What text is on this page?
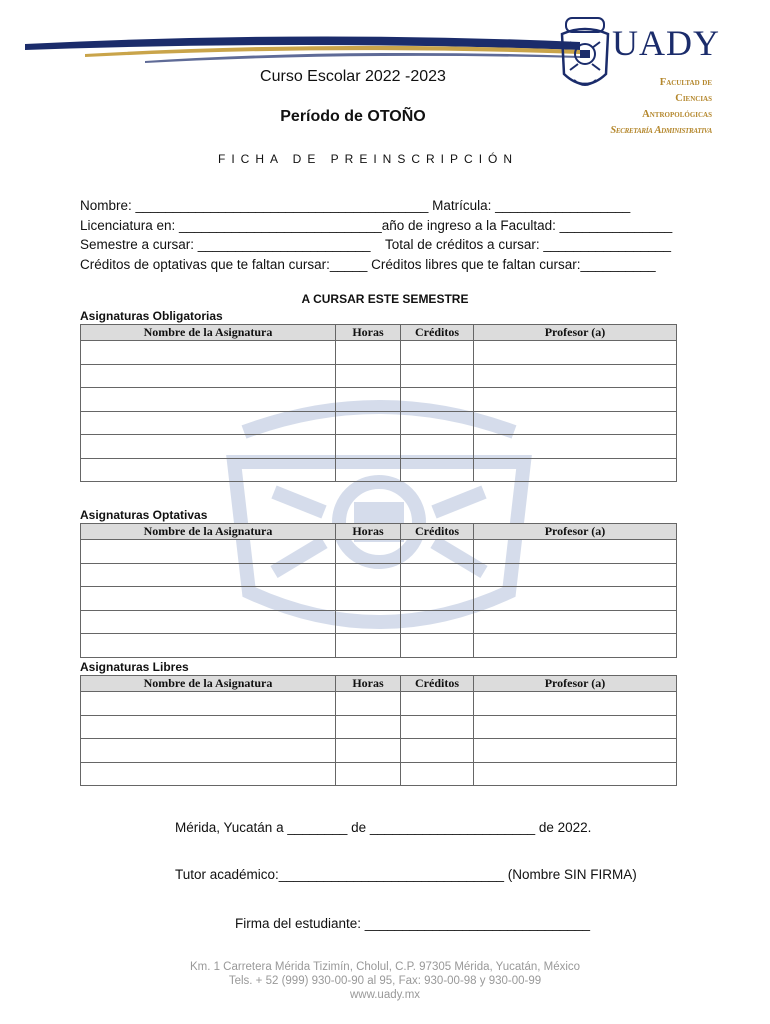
UADY
Facultad de
Ciencias
Antropológicas
Secretaría Administrativa
Curso Escolar 2022 -2023
Período de OTOÑO
FICHA DE PREINSCRIPCIÓN
Nombre: _______________________________________ Matrícula: __________________
Licenciatura en: ___________________________año de ingreso a la Facultad: _______________
Semestre a cursar: _______________________ Total de créditos a cursar: _________________
Créditos de optativas que te faltan cursar:_____ Créditos libres que te faltan cursar:__________
A CURSAR ESTE SEMESTRE
Asignaturas Obligatorias
Nombre de la Asignatura	Horas	Créditos	Profesor (a)

Asignaturas Optativas
Nombre de la Asignatura	Horas	Créditos	Profesor (a)

Asignaturas Libres
Nombre de la Asignatura	Horas	Créditos	Profesor (a)

Mérida, Yucatán a ________ de ______________________ de 2022.
Tutor académico:______________________________ (Nombre SIN FIRMA)
Firma del estudiante: ______________________________
Km. 1 Carretera Mérida Tizimín, Cholul, C.P. 97305 Mérida, Yucatán, México
Tels. + 52 (999) 930-00-90 al 95, Fax: 930-00-98 y 930-00-99
www.uady.mx
